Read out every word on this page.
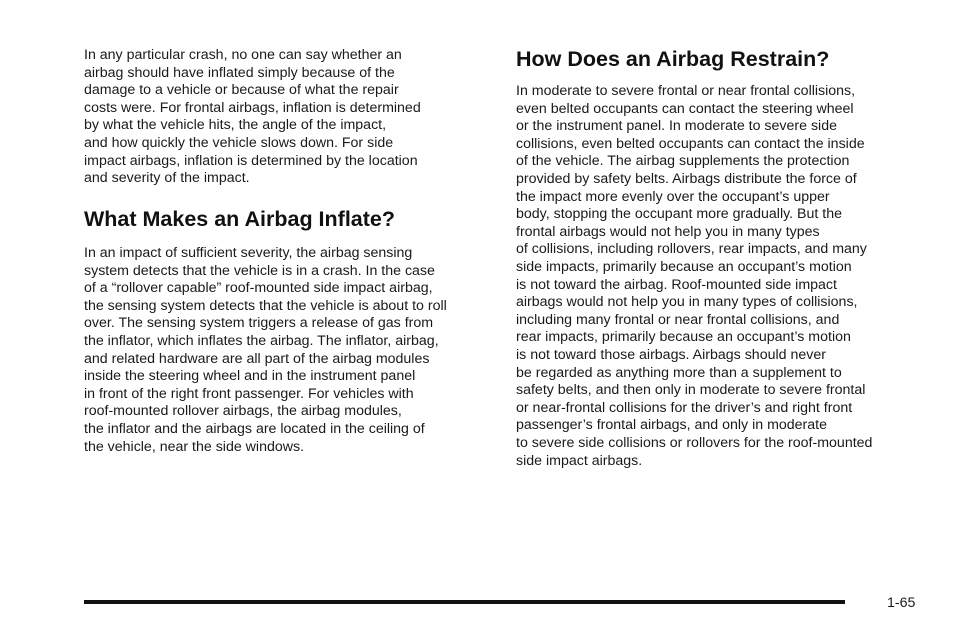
In any particular crash, no one can say whether an
airbag should have inflated simply because of the
damage to a vehicle or because of what the repair
costs were. For frontal airbags, inflation is determined
by what the vehicle hits, the angle of the impact,
and how quickly the vehicle slows down. For side
impact airbags, inflation is determined by the location
and severity of the impact.
What Makes an Airbag Inflate?
In an impact of sufficient severity, the airbag sensing
system detects that the vehicle is in a crash. In the case
of a “rollover capable” roof-mounted side impact airbag,
the sensing system detects that the vehicle is about to roll
over. The sensing system triggers a release of gas from
the inflator, which inflates the airbag. The inflator, airbag,
and related hardware are all part of the airbag modules
inside the steering wheel and in the instrument panel
in front of the right front passenger. For vehicles with
roof-mounted rollover airbags, the airbag modules,
the inflator and the airbags are located in the ceiling of
the vehicle, near the side windows.
How Does an Airbag Restrain?
In moderate to severe frontal or near frontal collisions,
even belted occupants can contact the steering wheel
or the instrument panel. In moderate to severe side
collisions, even belted occupants can contact the inside
of the vehicle. The airbag supplements the protection
provided by safety belts. Airbags distribute the force of
the impact more evenly over the occupant’s upper
body, stopping the occupant more gradually. But the
frontal airbags would not help you in many types
of collisions, including rollovers, rear impacts, and many
side impacts, primarily because an occupant’s motion
is not toward the airbag. Roof-mounted side impact
airbags would not help you in many types of collisions,
including many frontal or near frontal collisions, and
rear impacts, primarily because an occupant’s motion
is not toward those airbags. Airbags should never
be regarded as anything more than a supplement to
safety belts, and then only in moderate to severe frontal
or near-frontal collisions for the driver’s and right front
passenger’s frontal airbags, and only in moderate
to severe side collisions or rollovers for the roof-mounted
side impact airbags.
1-65
